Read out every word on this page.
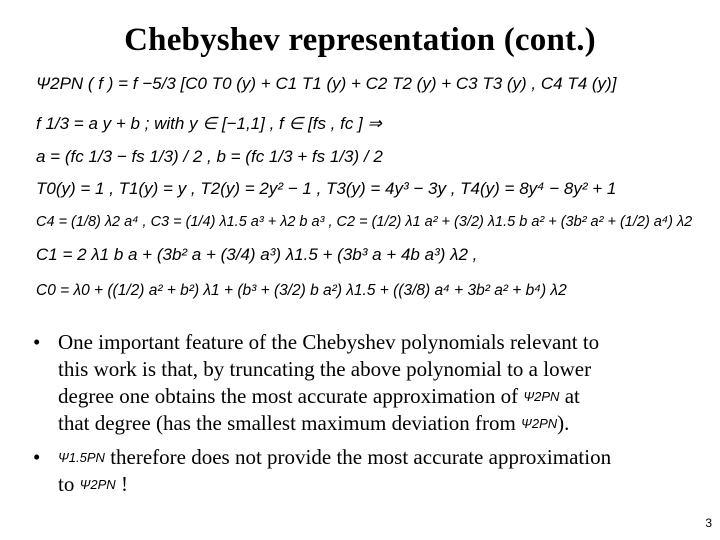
Chebyshev representation (cont.)
Ψ2PN ( f ) = f −5/3 [C0 T0 (y) + C1 T1 (y) + C2 T2 (y) + C3 T3 (y) , C4 T4 (y)]
f 1/3 = a y + b ; with y ∈ [−1,1] , f ∈ [fs , fc ] ⇒
a = (fc 1/3 − fs 1/3) / 2 , b = (fc 1/3 + fs 1/3) / 2
T0(y) = 1 , T1(y) = y , T2(y) = 2y² − 1 , T3(y) = 4y³ − 3y , T4(y) = 8y⁴ − 8y² + 1
C4 = (1/8) λ2 a⁴ , C3 = (1/4) λ1.5 a³ + λ2 b a³ , C2 = (1/2) λ1 a² + (3/2) λ1.5 b a² + (3b² a² + (1/2) a⁴) λ2
C1 = 2 λ1 b a + (3b² a + (3/4) a³) λ1.5 + (3b³ a + 4b a³) λ2 ,
C0 = λ0 + ((1/2) a² + b²) λ1 + (b³ + (3/2) b a²) λ1.5 + ((3/8) a⁴ + 3b² a² + b⁴) λ2
• One important feature of the Chebyshev polynomials relevant to
this work is that, by truncating the above polynomial to a lower
degree one obtains the most accurate approximation of Ψ2PN at
that degree (has the smallest maximum deviation from Ψ2PN).
•	Ψ1.5PN therefore does not provide the most accurate approximation
to Ψ2PN !
3
